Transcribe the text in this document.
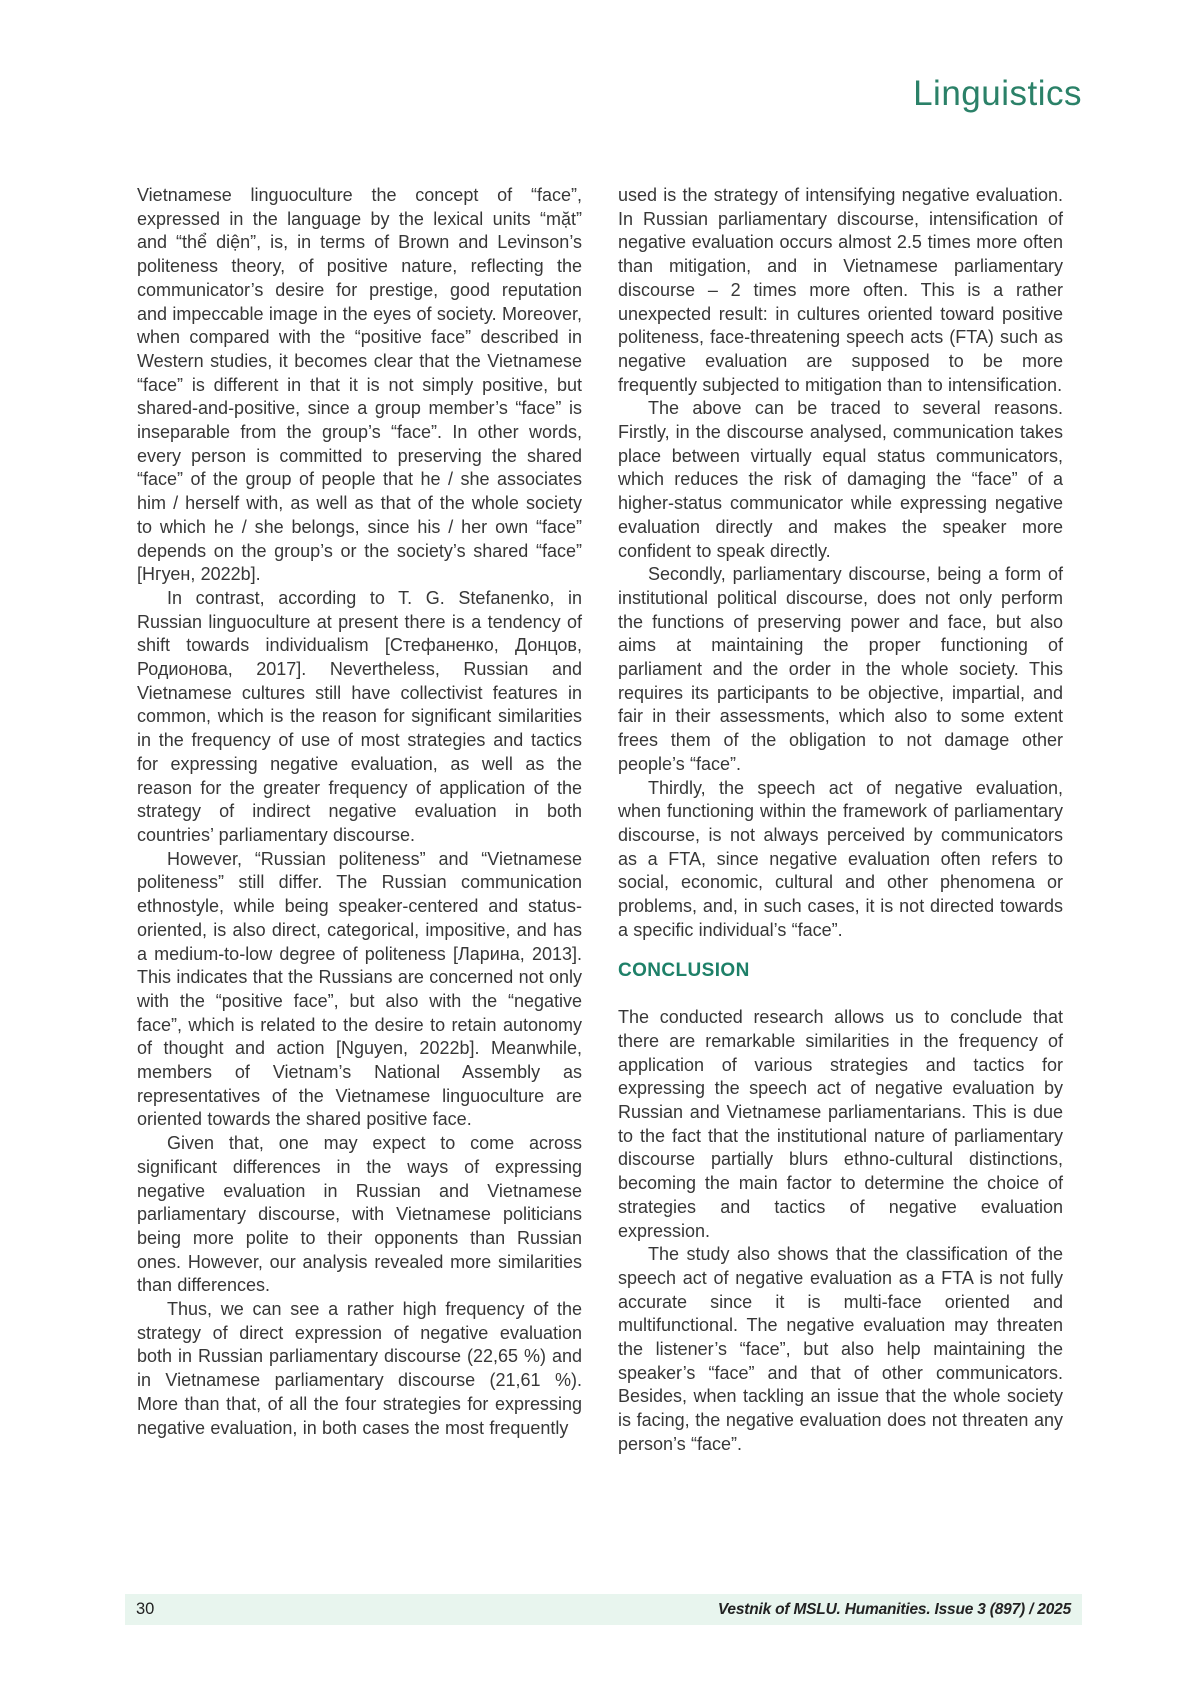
Linguistics

Vietnamese linguoculture the concept of “face”, expressed in the language by the lexical units “mặt” and “thể diện”, is, in terms of Brown and Levinson’s politeness theory, of positive nature, reflecting the communicator’s desire for prestige, good reputation and impeccable image in the eyes of society. Moreover, when compared with the “positive face” described in Western studies, it becomes clear that the Vietnamese “face” is different in that it is not simply positive, but shared-and-positive, since a group member’s “face” is inseparable from the group’s “face”. In other words, every person is committed to preserving the shared “face” of the group of people that he / she associates him / herself with, as well as that of the whole society to which he / she belongs, since his / her own “face” depends on the group’s or the society’s shared “face” [Нгуен, 2022b].

In contrast, according to T. G. Stefanenko, in Russian linguoculture at present there is a tendency of shift towards individualism [Стефаненко, Донцов, Родионова, 2017]. Nevertheless, Russian and Vietnamese cultures still have collectivist features in common, which is the reason for significant similarities in the frequency of use of most strategies and tactics for expressing negative evaluation, as well as the reason for the greater frequency of application of the strategy of indirect negative evaluation in both countries’ parliamentary discourse.

However, “Russian politeness” and “Vietnamese politeness” still differ. The Russian communication ethnostyle, while being speaker-centered and status-oriented, is also direct, categorical, impositive, and has a medium-to-low degree of politeness [Ларина, 2013]. This indicates that the Russians are concerned not only with the “positive face”, but also with the “negative face”, which is related to the desire to retain autonomy of thought and action [Nguyen, 2022b]. Meanwhile, members of Vietnam’s National Assembly as representatives of the Vietnamese linguoculture are oriented towards the shared positive face.

Given that, one may expect to come across significant differences in the ways of expressing negative evaluation in Russian and Vietnamese parliamentary discourse, with Vietnamese politicians being more polite to their opponents than Russian ones. However, our analysis revealed more similarities than differences.

Thus, we can see a rather high frequency of the strategy of direct expression of negative evaluation both in Russian parliamentary discourse (22,65 %) and in Vietnamese parliamentary discourse (21,61 %). More than that, of all the four strategies for expressing negative evaluation, in both cases the most frequently

used is the strategy of intensifying negative evaluation. In Russian parliamentary discourse, intensification of negative evaluation occurs almost 2.5 times more often than mitigation, and in Vietnamese parliamentary discourse – 2 times more often. This is a rather unexpected result: in cultures oriented toward positive politeness, face-threatening speech acts (FTA) such as negative evaluation are supposed to be more frequently subjected to mitigation than to intensification.

The above can be traced to several reasons. Firstly, in the discourse analysed, communication takes place between virtually equal status communicators, which reduces the risk of damaging the “face” of a higher-status communicator while expressing negative evaluation directly and makes the speaker more confident to speak directly.

Secondly, parliamentary discourse, being a form of institutional political discourse, does not only perform the functions of preserving power and face, but also aims at maintaining the proper functioning of parliament and the order in the whole society. This requires its participants to be objective, impartial, and fair in their assessments, which also to some extent frees them of the obligation to not damage other people’s “face”.

Thirdly, the speech act of negative evaluation, when functioning within the framework of parliamentary discourse, is not always perceived by communicators as a FTA, since negative evaluation often refers to social, economic, cultural and other phenomena or problems, and, in such cases, it is not directed towards a specific individual’s “face”.

CONCLUSION

The conducted research allows us to conclude that there are remarkable similarities in the frequency of application of various strategies and tactics for expressing the speech act of negative evaluation by Russian and Vietnamese parliamentarians. This is due to the fact that the institutional nature of parliamentary discourse partially blurs ethno-cultural distinctions, becoming the main factor to determine the choice of strategies and tactics of negative evaluation expression.

The study also shows that the classification of the speech act of negative evaluation as a FTA is not fully accurate since it is multi-face oriented and multifunctional. The negative evaluation may threaten the listener’s “face”, but also help maintaining the speaker’s “face” and that of other communicators. Besides, when tackling an issue that the whole society is facing, the negative evaluation does not threaten any person’s “face”.

30	Vestnik of MSLU. Humanities. Issue 3 (897) / 2025
